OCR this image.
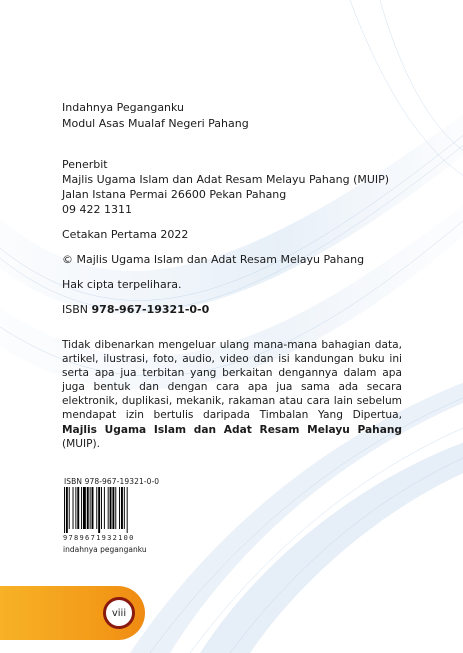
Indahnya Peganganku

Modul Asas Mualaf Negeri Pahang

Penerbit

Majlis Ugama Islam dan Adat Resam Melayu Pahang (MUIP)

Jalan Istana Permai 26600 Pekan Pahang

09 422 1311

Cetakan Pertama 2022

© Majlis Ugama Islam dan Adat Resam Melayu Pahang

Hak cipta terpelihara.

ISBN 978-967-19321-0-0

Tidak dibenarkan mengeluar ulang mana-mana bahagian data, artikel, ilustrasi, foto, audio, video dan isi kandungan buku ini serta apa jua terbitan yang berkaitan dengannya dalam apa juga bentuk dan dengan cara apa jua sama ada secara elektronik, duplikasi, mekanik, rakaman atau cara lain sebelum mendapat izin bertulis daripada Timbalan Yang Dipertua, Majlis Ugama Islam dan Adat Resam Melayu Pahang (MUIP).

ISBN 978-967-19321-0-0
9789671932100
indahnya peganganku
viii
